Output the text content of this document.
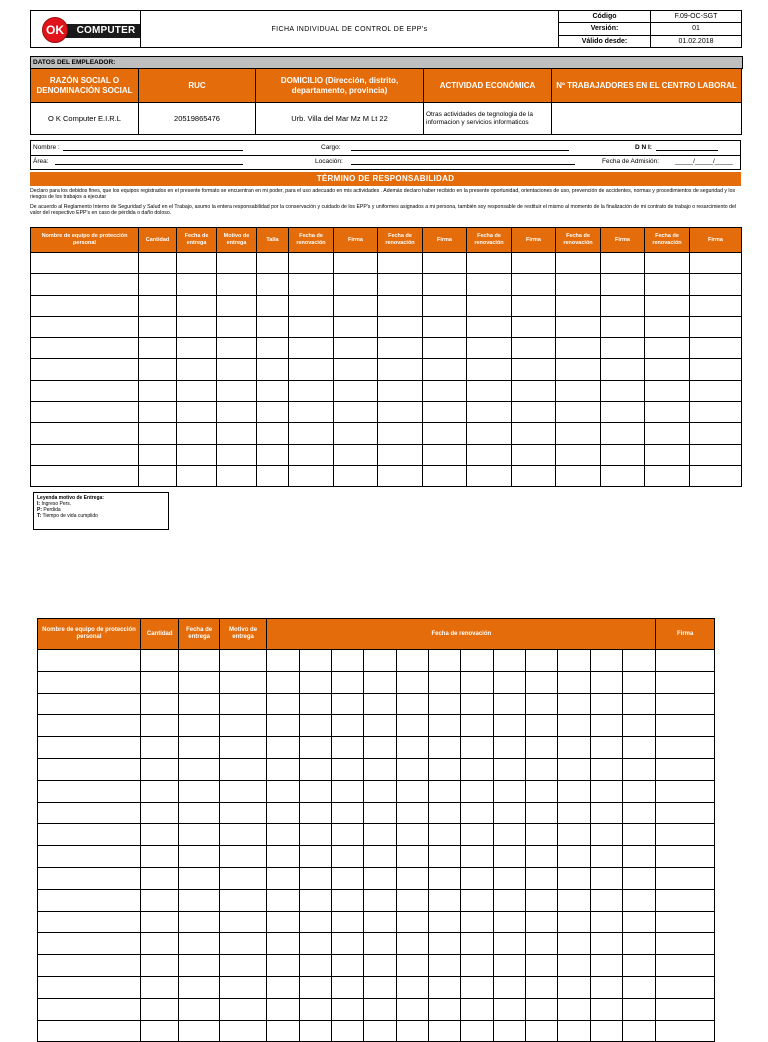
COMPUTER
OK	FICHA INDIVIDUAL DE CONTROL DE EPP's	Código	F.09-OC-SGT
		Versión:	01
		Válido desde:	01.02.2018
DATOS DEL EMPLEADOR:
RAZÓN SOCIAL O DENOMINACIÓN SOCIAL	RUC	DOMICILIO (Dirección, distrito, departamento, provincia)	ACTIVIDAD ECONÓMICA	Nº TRABAJADORES EN EL CENTRO LABORAL
O K Computer E.I.R.L	20519865476	Urb. Villa del Mar Mz M Lt 22	Otras actividades de tegnologia de la informacion y servicios informaticos	
Nombre :	Cargo:	D N I:
Área:	Locación:	Fecha de Admisión: _____/_____/_____
TÉRMINO DE RESPONSABILIDAD
Declaro para los debidos fines, que los equipos registrados en el presente formato se encuentran en mi poder, para el uso adecuado en mis actividades . Además declaro haber recibido en la presente oportunidad, orientaciones de uso, prevención de accidentes, normas y procedimientos de seguridad y los riesgos de los trabajos a ejecutar
De acuerdo al Reglamento Interno de Seguridad y Salud en el Trabajo, asumo la entera responsabilidad por la conservación y cuidado de los EPP's y uniformes asignados a mi persona, también soy responsable de restituir el mismo al momento de la finalización de mi contrato de trabajo o resarcimiento del valor del respectivo EPP's en caso de pérdida o daño doloso.
Nombre de equipo de protección personal	Cantidad	Fecha de entrega	Motivo de entrega	Talla	Fecha de renovación	Firma	Fecha de renovación	Firma	Fecha de renovación	Firma	Fecha de renovación	Firma	Fecha de renovación	Firma

Leyenda motivo de Entrega:
I: Ingreso Pers.
P: Perdida
T: Tiempo de vida cumplido
Nombre de equipo de protección personal	Cantidad	Fecha de entrega	Motivo de entrega	Fecha de renovación												Firma
